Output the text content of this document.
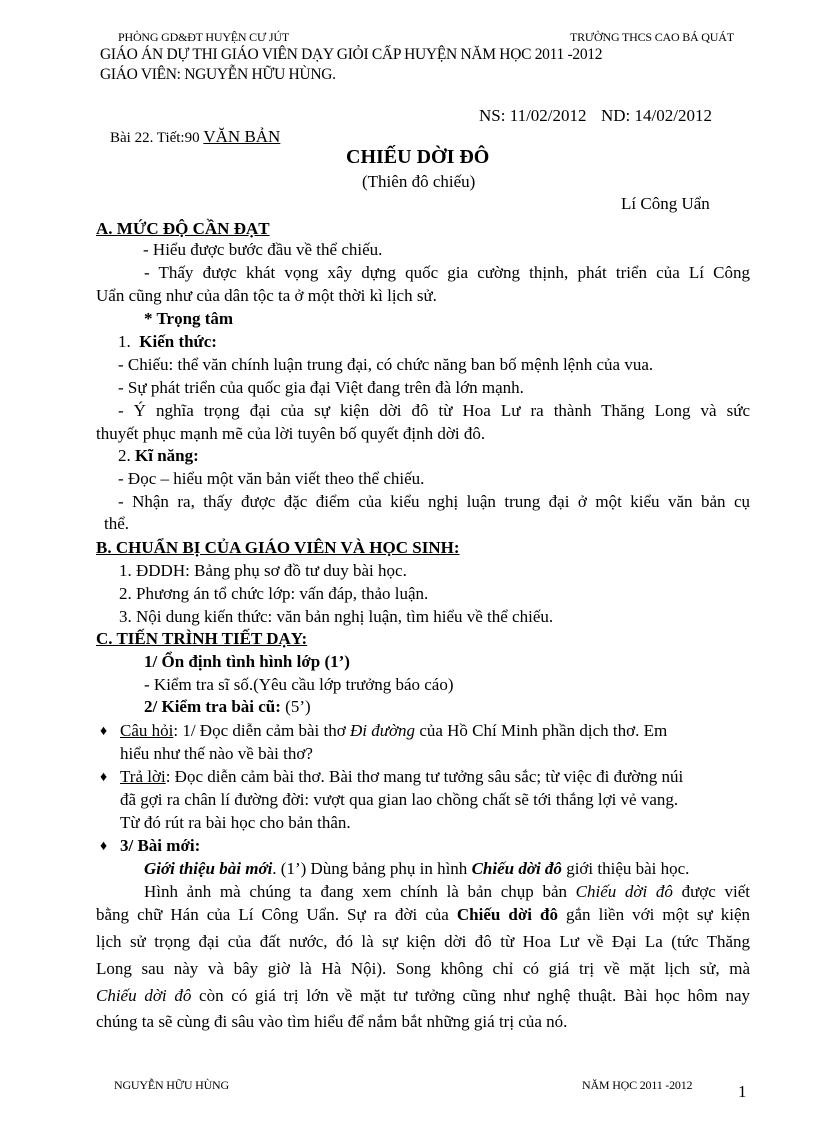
PHÒNG GD&ĐT HUYỆN CƯ JÚT	TRƯỜNG THCS CAO BÁ QUÁT
GIÁO ÁN DỰ THI GIÁO VIÊN DẠY GIỎI CẤP HUYỆN NĂM HỌC 2011 -2012
GIÁO VIÊN: NGUYỄN HỮU HÙNG.
NS: 11/02/2012 ND: 14/02/2012
Bài 22. Tiết:90 VĂN BẢN
CHIẾU DỜI ĐÔ
(Thiên đô chiếu)
Lí Công Uẩn
A. MỨC ĐỘ CẦN ĐẠT
- Hiểu được bước đầu về thể chiếu.
- Thấy được khát vọng xây dựng quốc gia cường thịnh, phát triển của Lí Công
Uẩn cũng như của dân tộc ta ở một thời kì lịch sử.
* Trọng tâm
1. Kiến thức:
- Chiếu: thể văn chính luận trung đại, có chức năng ban bố mệnh lệnh của vua.
- Sự phát triển của quốc gia đại Việt đang trên đà lớn mạnh.
- Ý nghĩa trọng đại của sự kiện dời đô từ Hoa Lư ra thành Thăng Long và sức
thuyết phục mạnh mẽ của lời tuyên bố quyết định dời đô.
2. Kĩ năng:
- Đọc – hiểu một văn bản viết theo thể chiếu.
- Nhận ra, thấy được đặc điểm của kiểu nghị luận trung đại ở một kiểu văn bản cụ
thể.
B. CHUẨN BỊ CỦA GIÁO VIÊN VÀ HỌC SINH:
1. ĐDDH: Bảng phụ sơ đồ tư duy bài học.
2. Phương án tổ chức lớp: vấn đáp, thảo luận.
3. Nội dung kiến thức: văn bản nghị luận, tìm hiểu về thể chiếu.
C. TIẾN TRÌNH TIẾT DẠY:
1/ Ổn định tình hình lớp (1’)
- Kiểm tra sĩ số.(Yêu cầu lớp trưởng báo cáo)
2/ Kiểm tra bài cũ: (5’)
♦ Câu hỏi: 1/ Đọc diễn cảm bài thơ Đi đường của Hồ Chí Minh phần dịch thơ. Em
hiểu như thế nào về bài thơ?
♦ Trả lời: Đọc diễn cảm bài thơ. Bài thơ mang tư tưởng sâu sắc; từ việc đi đường núi
đã gợi ra chân lí đường đời: vượt qua gian lao chồng chất sẽ tới thắng lợi vẻ vang.
Từ đó rút ra bài học cho bản thân.
♦ 3/ Bài mới:
Giới thiệu bài mới. (1’) Dùng bảng phụ in hình Chiếu dời đô giới thiệu bài học.
Hình ảnh mà chúng ta đang xem chính là bản chụp bản Chiếu dời đô được viết
bằng chữ Hán của Lí Công Uẩn. Sự ra đời của Chiếu dời đô gắn liền với một sự kiện
lịch sử trọng đại của đất nước, đó là sự kiện dời đô từ Hoa Lư về Đại La (tức Thăng
Long sau này và bây giờ là Hà Nội). Song không chỉ có giá trị về mặt lịch sử, mà
Chiếu dời đô còn có giá trị lớn về mặt tư tưởng cũng như nghệ thuật. Bài học hôm nay
chúng ta sẽ cùng đi sâu vào tìm hiểu để nắm bắt những giá trị của nó.
NGUYỄN HỮU HÙNG	NĂM HỌC 2011 -2012	1
